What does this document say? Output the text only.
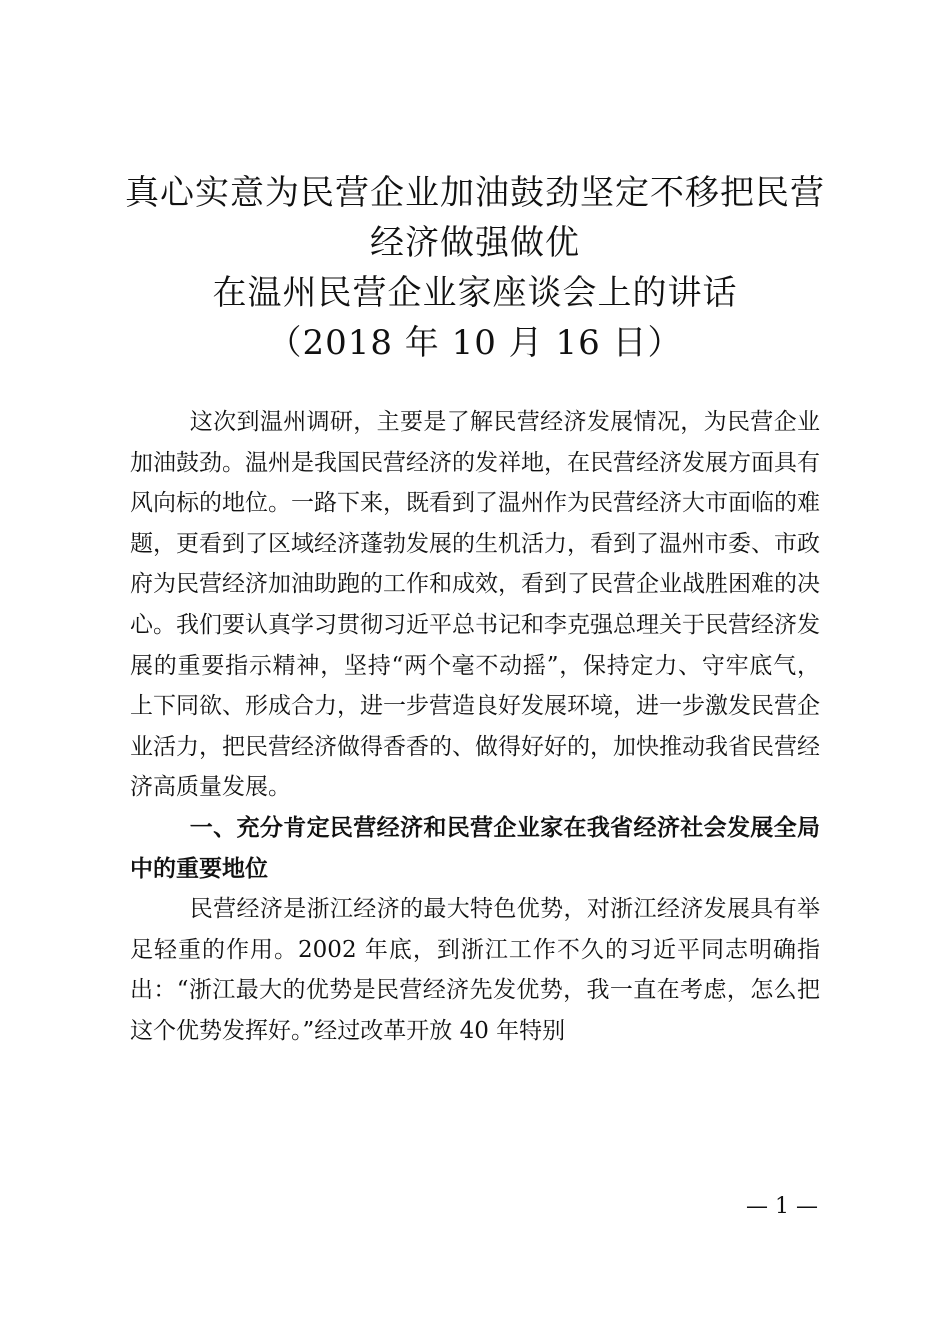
真心实意为民营企业加油鼓劲坚定不移把民营
经济做强做优
在温州民营企业家座谈会上的讲话
（2018 年 10 月 16 日）

这次到温州调研，主要是了解民营经济发展情况，为民营企业加油鼓劲。温州是我国民营经济的发祥地，在民营经济发展方面具有风向标的地位。一路下来，既看到了温州作为民营经济大市面临的难题，更看到了区域经济蓬勃发展的生机活力，看到了温州市委、市政府为民营经济加油助跑的工作和成效，看到了民营企业战胜困难的决心。我们要认真学习贯彻习近平总书记和李克强总理关于民营经济发展的重要指示精神，坚持“两个毫不动摇”，保持定力、守牢底气，上下同欲、形成合力，进一步营造良好发展环境，进一步激发民营企业活力，把民营经济做得香香的、做得好好的，加快推动我省民营经济高质量发展。

一、充分肯定民营经济和民营企业家在我省经济社会发展全局中的重要地位

民营经济是浙江经济的最大特色优势，对浙江经济发展具有举足轻重的作用。2002 年底，到浙江工作不久的习近平同志明确指出：“浙江最大的优势是民营经济先发优势，我一直在考虑，怎么把这个优势发挥好。”经过改革开放 40 年特别

— 1 —
